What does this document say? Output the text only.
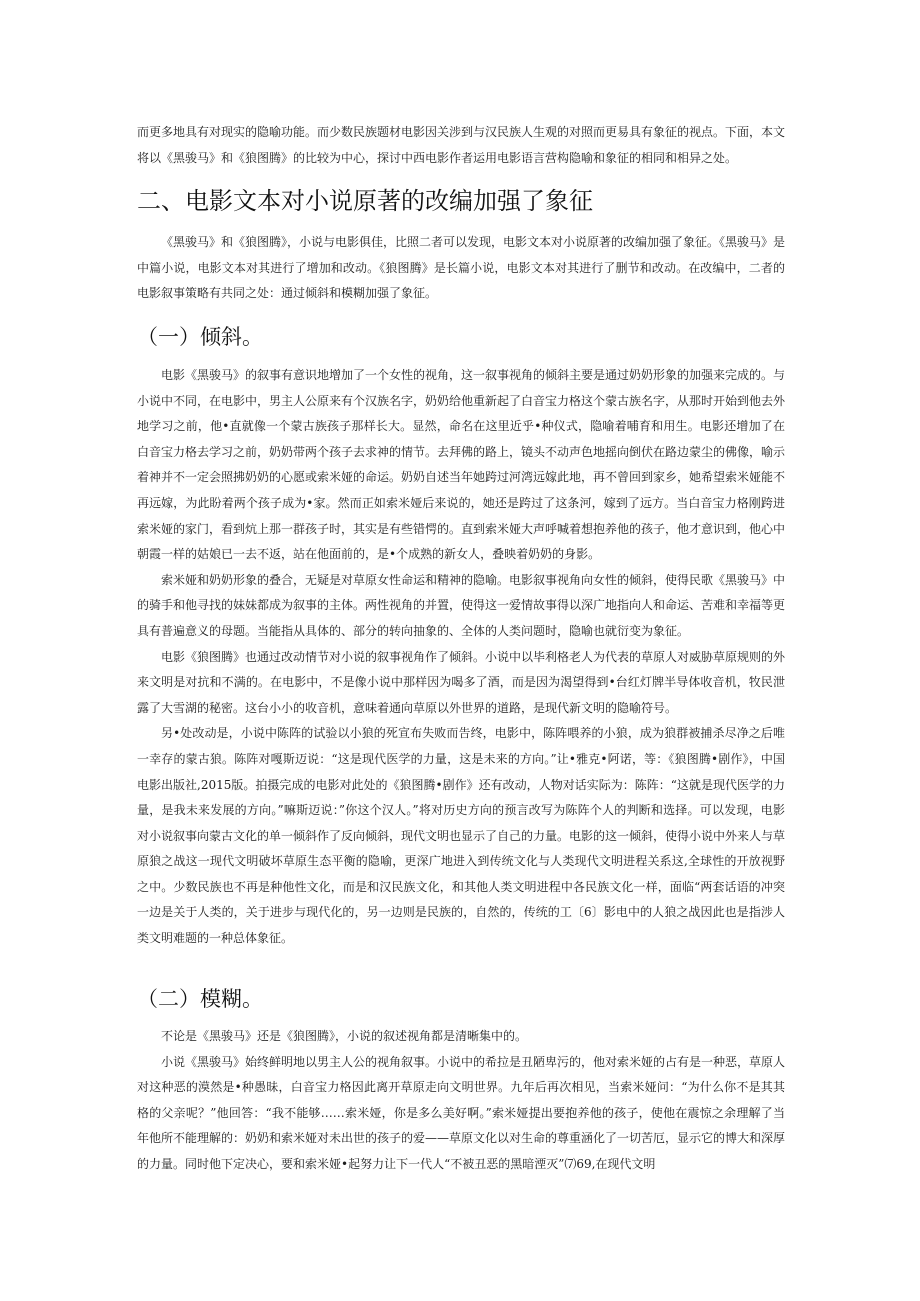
而更多地具有对现实的隐喻功能。而少数民族题材电影因关涉到与汉民族人生观的对照而更易具有象征的视点。下面，本文将以《黑骏马》和《狼图腾》的比较为中心，探讨中西电影作者运用电影语言营构隐喻和象征的相同和相异之处。

二、电影文本对小说原著的改编加强了象征

《黑骏马》和《狼图腾》，小说与电影俱佳，比照二者可以发现，电影文本对小说原著的改编加强了象征。《黑骏马》是中篇小说，电影文本对其进行了增加和改动。《狼图腾》是长篇小说，电影文本对其进行了删节和改动。在改编中，二者的电影叙事策略有共同之处：通过倾斜和模糊加强了象征。

（一）倾斜。

电影《黑骏马》的叙事有意识地增加了一个女性的视角，这一叙事视角的倾斜主要是通过奶奶形象的加强来完成的。与小说中不同，在电影中，男主人公原来有个汉族名字，奶奶给他重新起了白音宝力格这个蒙古族名字，从那时开始到他去外地学习之前，他•直就像一个蒙古族孩子那样长大。显然，命名在这里近乎•种仪式，隐喻着哺育和用生。电影还增加了在白音宝力格去学习之前，奶奶带两个孩子去求神的情节。去拜佛的路上，镜头不动声色地摇向倒伏在路边蒙尘的佛像，喻示着神并不一定会照拂奶奶的心愿或索米娅的命运。奶奶自述当年她跨过河湾远嫁此地，再不曾回到家乡，她希望索米娅能不再远嫁，为此盼着两个孩子成为•家。然而正如索米娅后来说的，她还是跨过了这条河，嫁到了远方。当白音宝力格刚跨进索米娅的家门，看到炕上那一群孩子时，其实是有些错愕的。直到索米娅大声呼喊着想抱养他的孩子，他才意识到，他心中朝霞一样的姑娘已一去不返，站在他面前的，是•个成熟的新女人，叠映着奶奶的身影。

索米娅和奶奶形象的叠合，无疑是对草原女性命运和精神的隐喻。电影叙事视角向女性的倾斜，使得民歌《黑骏马》中的骑手和他寻找的妹妹都成为叙事的主体。两性视角的并置，使得这一爱情故事得以深广地指向人和命运、苦难和幸福等更具有普遍意义的母题。当能指从具体的、部分的转向抽象的、全体的人类问题时，隐喻也就衍变为象征。

电影《狼图腾》也通过改动情节对小说的叙事视角作了倾斜。小说中以毕利格老人为代表的草原人对威胁草原规则的外来文明是对抗和不满的。在电影中，不是像小说中那样因为喝多了酒，而是因为渴望得到•台红灯牌半导体收音机，牧民泄露了大雪湖的秘密。这台小小的收音机，意味着通向草原以外世界的道路，是现代新文明的隐喻符号。

另•处改动是，小说中陈阵的试验以小狼的死宣布失败而告终，电影中，陈阵喂养的小狼，成为狼群被捕杀尽净之后唯一幸存的蒙古狼。陈阵对嘎斯迈说：“这是现代医学的力量，这是未来的方向。”让•雅克•阿诺，等：《狼图腾•剧作》，中国电影出版社,2015版。拍摄完成的电影对此处的《狼图腾•剧作》还有改动，人物对话实际为：陈阵：“这就是现代医学的力量，是我未来发展的方向。”嘛斯迈说：”你这个汉人。”将对历史方向的预言改写为陈阵个人的判断和选择。可以发现，电影对小说叙事向蒙古文化的单一倾斜作了反向倾斜，现代文明也显示了自己的力量。电影的这一倾斜，使得小说中外来人与草原狼之战这一现代文明破坏草原生态平衡的隐喻，更深广地进入到传统文化与人类现代文明进程关系这,全球性的开放视野之中。少数民族也不再是种他性文化，而是和汉民族文化，和其他人类文明进程中各民族文化一样，面临“两套话语的冲突 一边是关于人类的，关于进步与现代化的，另一边则是民族的，自然的，传统的工〔6〕影电中的人狼之战因此也是指涉人类文明难题的一种总体象征。

（二）模糊。

不论是《黑骏马》还是《狼图腾》，小说的叙述视角都是清晰集中的。

小说《黑骏马》始终鲜明地以男主人公的视角叙事。小说中的希拉是丑陋卑污的，他对索米娅的占有是一种恶，草原人对这种恶的漠然是•种愚昧，白音宝力格因此离开草原走向文明世界。九年后再次相见，当索米娅问：“为什么你不是其其格的父亲呢？”他回答：“我不能够……索米娅，你是多么美好啊。”索米娅提出要抱养他的孩子，使他在震惊之余理解了当年他所不能理解的：奶奶和索米娅对未出世的孩子的爱——草原文化以对生命的尊重涵化了一切苦厄，显示它的博大和深厚的力量。同时他下定决心，要和索米娅•起努力让下一代人“不被丑恶的黑暗湮灭”⑺69,在现代文明
